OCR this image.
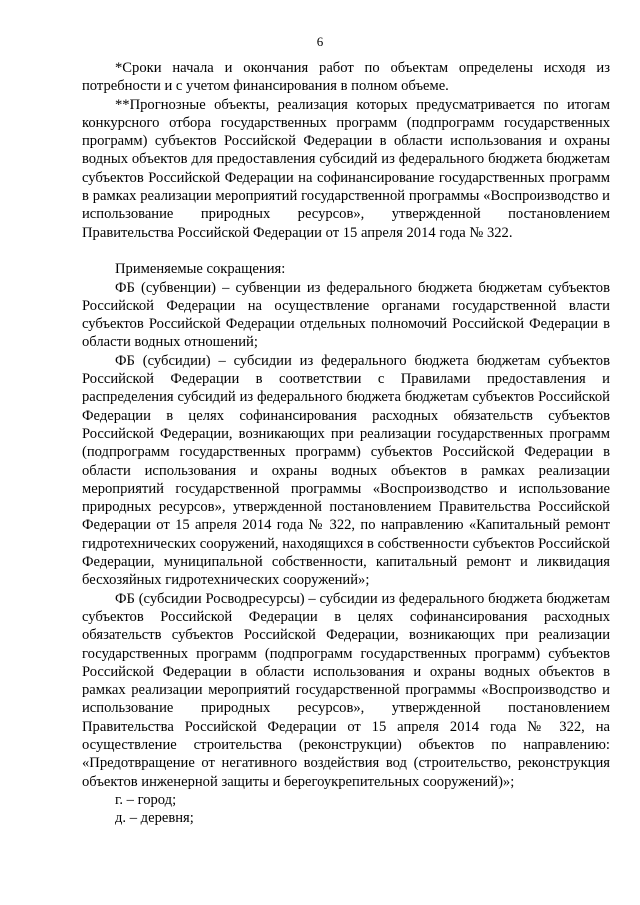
6

*Сроки начала и окончания работ по объектам определены исходя из потребности и с учетом финансирования в полном объеме.

**Прогнозные объекты, реализация которых предусматривается по итогам конкурсного отбора государственных программ (подпрограмм государственных программ) субъектов Российской Федерации в области использования и охраны водных объектов для предоставления субсидий из федерального бюджета бюджетам субъектов Российской Федерации на софинансирование государственных программ в рамках реализации мероприятий государственной программы «Воспроизводство и использование природных ресурсов», утвержденной постановлением Правительства Российской Федерации от 15 апреля 2014 года № 322.

Применяемые сокращения:

ФБ (субвенции) – субвенции из федерального бюджета бюджетам субъектов Российской Федерации на осуществление органами государственной власти субъектов Российской Федерации отдельных полномочий Российской Федерации в области водных отношений;

ФБ (субсидии) – субсидии из федерального бюджета бюджетам субъектов Российской Федерации в соответствии с Правилами предоставления и распределения субсидий из федерального бюджета бюджетам субъектов Российской Федерации в целях софинансирования расходных обязательств субъектов Российской Федерации, возникающих при реализации государственных программ (подпрограмм государственных программ) субъектов Российской Федерации в области использования и охраны водных объектов в рамках реализации мероприятий государственной программы «Воспроизводство и использование природных ресурсов», утвержденной постановлением Правительства Российской Федерации от 15 апреля 2014 года № 322, по направлению «Капитальный ремонт гидротехнических сооружений, находящихся в собственности субъектов Российской Федерации, муниципальной собственности, капитальный ремонт и ликвидация бесхозяйных гидротехнических сооружений»;

ФБ (субсидии Росводресурсы) – субсидии из федерального бюджета бюджетам субъектов Российской Федерации в целях софинансирования расходных обязательств субъектов Российской Федерации, возникающих при реализации государственных программ (подпрограмм государственных программ) субъектов Российской Федерации в области использования и охраны водных объектов в рамках реализации мероприятий государственной программы «Воспроизводство и использование природных ресурсов», утвержденной постановлением Правительства Российской Федерации от 15 апреля 2014 года № 322, на осуществление строительства (реконструкции) объектов по направлению: «Предотвращение от негативного воздействия вод (строительство, реконструкция объектов инженерной защиты и берегоукрепительных сооружений)»;

г. – город;

д. – деревня;
